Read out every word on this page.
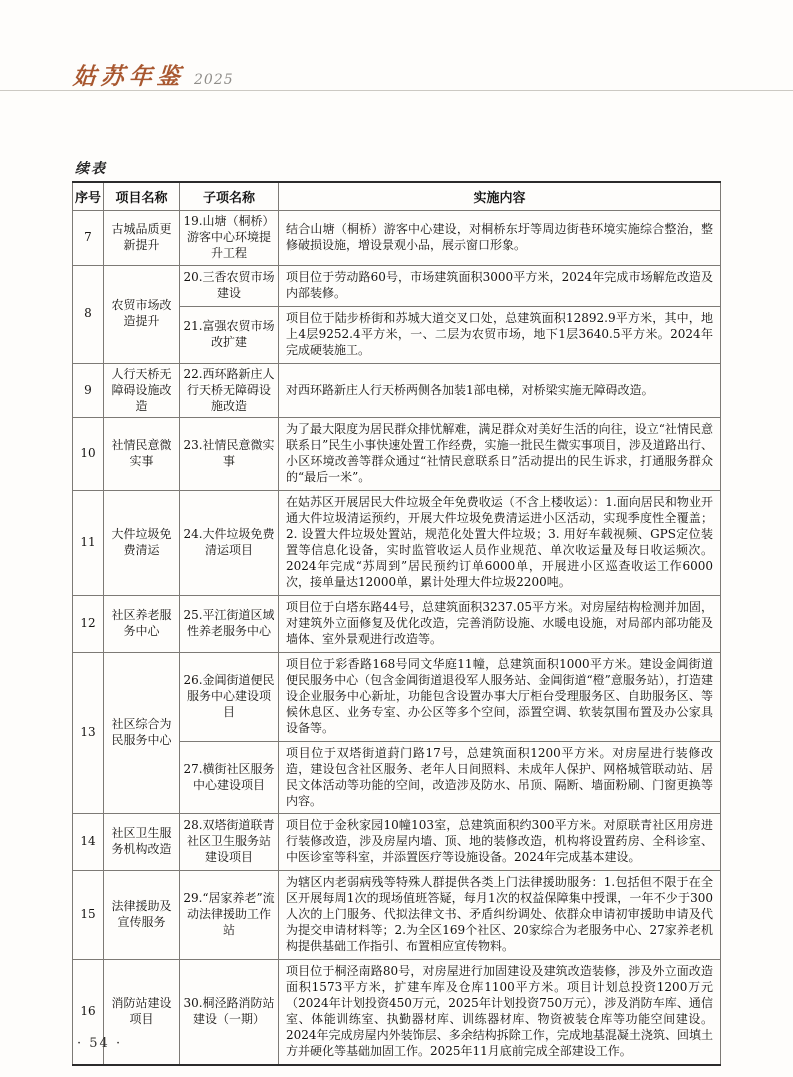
姑苏年鉴 2025
续表
序号	项目名称	子项名称	实施内容
7	古城品质更新提升	19.山塘（桐桥）游客中心环境提升工程	结合山塘（桐桥）游客中心建设，对桐桥东圩等周边街巷环境实施综合整治，整修破损设施，增设景观小品，展示窗口形象。
8	农贸市场改造提升	20.三香农贸市场建设	项目位于劳动路60号，市场建筑面积3000平方米，2024年完成市场解危改造及内部装修。
		21.富强农贸市场改扩建	项目位于陆步桥街和苏城大道交叉口处，总建筑面积12892.9平方米，其中，地上4层9252.4平方米，一、二层为农贸市场，地下1层3640.5平方米。2024年完成硬装施工。
9	人行天桥无障碍设施改造	22.西环路新庄人行天桥无障碍设施改造	对西环路新庄人行天桥两侧各加装1部电梯，对桥梁实施无障碍改造。
10	社情民意微实事	23.社情民意微实事	为了最大限度为居民群众排忧解难，满足群众对美好生活的向往，设立“社情民意联系日”民生小事快速处置工作经费，实施一批民生微实事项目，涉及道路出行、小区环境改善等群众通过“社情民意联系日”活动提出的民生诉求，打通服务群众的“最后一米”。
11	大件垃圾免费清运	24.大件垃圾免费清运项目	在姑苏区开展居民大件垃圾全年免费收运（不含上楼收运）：1.面向居民和物业开通大件垃圾清运预约，开展大件垃圾免费清运进小区活动，实现季度性全覆盖；2. 设置大件垃圾处置站，规范化处置大件垃圾；3. 用好车载视频、GPS定位装置等信息化设备，实时监管收运人员作业规范、单次收运量及每日收运频次。2024年完成“苏周到”居民预约订单6000单，开展进小区巡查收运工作6000次，接单量达12000单，累计处理大件垃圾2200吨。
12	社区养老服务中心	25.平江街道区域性养老服务中心	项目位于白塔东路44号，总建筑面积3237.05平方米。对房屋结构检测并加固，对建筑外立面修复及优化改造，完善消防设施、水暖电设施，对局部内部功能及墙体、室外景观进行改造等。
13	社区综合为民服务中心	26.金阊街道便民服务中心建设项目	项目位于彩香路168号同文华庭11幢，总建筑面积1000平方米。建设金阊街道便民服务中心（包含金阊街道退役军人服务站、金阊街道“橙”意服务站），打造建设企业服务中心新址，功能包含设置办事大厅柜台受理服务区、自助服务区、等候休息区、业务专室、办公区等多个空间，添置空调、软装氛围布置及办公家具设备等。
		27.横街社区服务中心建设项目	项目位于双塔街道葑门路17号，总建筑面积1200平方米。对房屋进行装修改造，建设包含社区服务、老年人日间照料、未成年人保护、网格城管联动站、居民文体活动等功能的空间，改造涉及防水、吊顶、隔断、墙面粉刷、门窗更换等内容。
14	社区卫生服务机构改造	28.双塔街道联青社区卫生服务站建设项目	项目位于金秋家园10幢103室，总建筑面积约300平方米。对原联青社区用房进行装修改造，涉及房屋内墙、顶、地的装修改造，机构将设置药房、全科诊室、中医诊室等科室，并添置医疗等设施设备。2024年完成基本建设。
15	法律援助及宣传服务	29.“居家养老”流动法律援助工作站	为辖区内老弱病残等特殊人群提供各类上门法律援助服务：1.包括但不限于在全区开展每周1次的现场值班答疑，每月1次的权益保障集中授课，一年不少于300人次的上门服务、代拟法律文书、矛盾纠纷调处、依群众申请初审援助申请及代为提交申请材料等；2.为全区169个社区、20家综合为老服务中心、27家养老机构提供基础工作指引、布置相应宣传物料。
16	消防站建设项目	30.桐泾路消防站建设（一期）	项目位于桐泾南路80号，对房屋进行加固建设及建筑改造装修，涉及外立面改造面积1573平方米，扩建车库及仓库1100平方米。项目计划总投资1200万元（2024年计划投资450万元，2025年计划投资750万元），涉及消防车库、通信室、体能训练室、执勤器材库、训练器材库、物资被装仓库等功能空间建设。2024年完成房屋内外装饰层、多余结构拆除工作，完成地基混凝土浇筑、回填土方并硬化等基础加固工作。2025年11月底前完成全部建设工作。
· 54 ·
